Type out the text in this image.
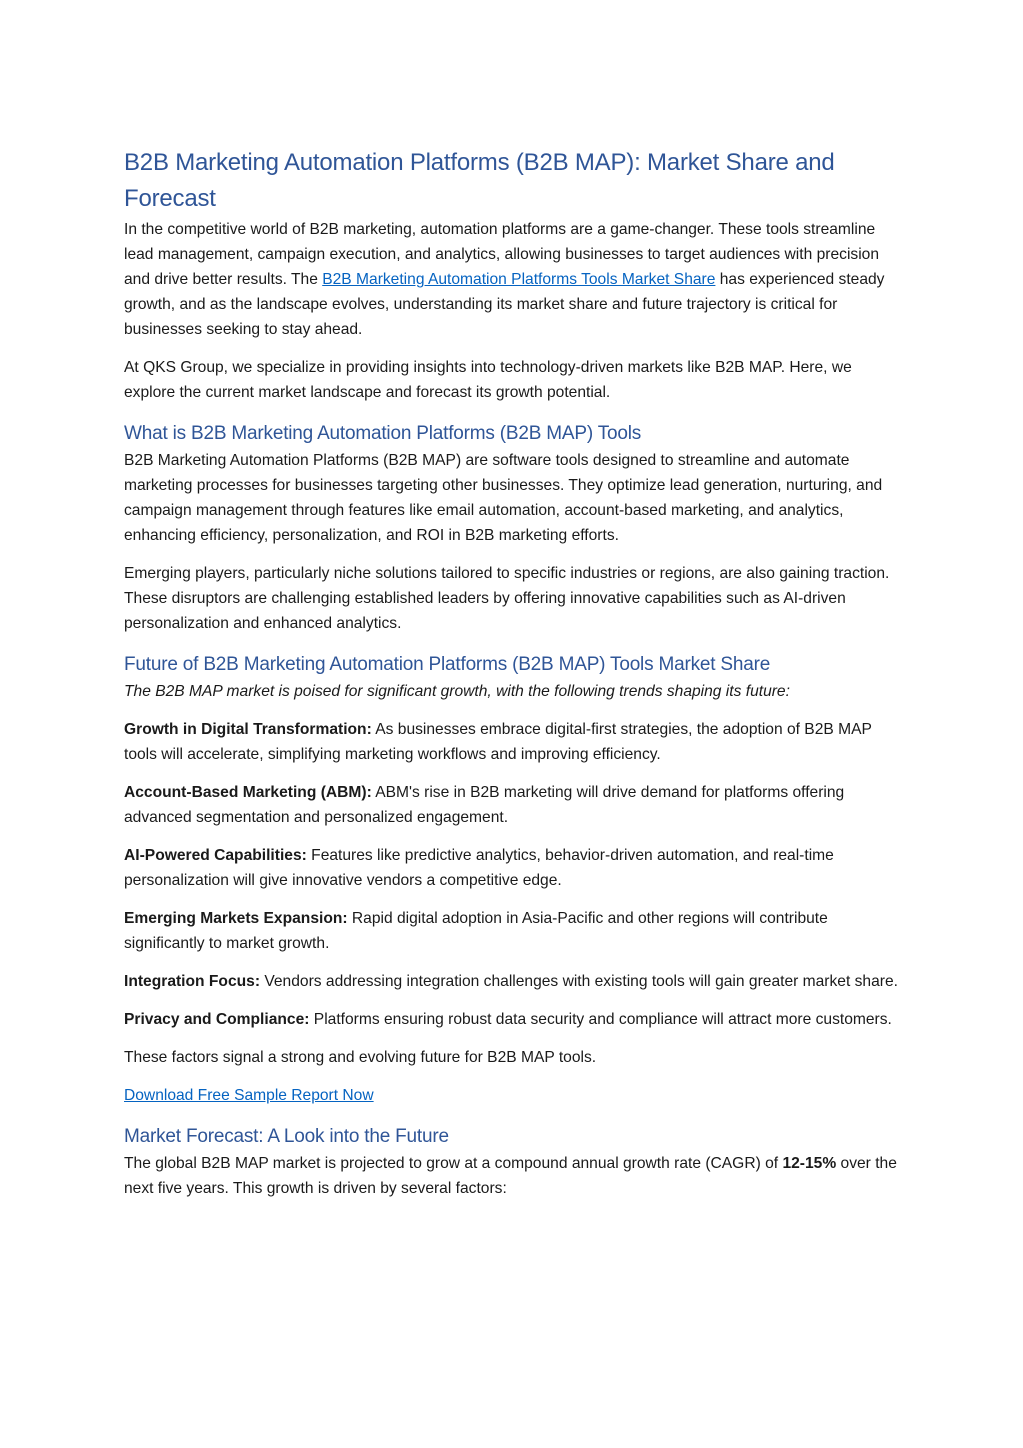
B2B Marketing Automation Platforms (B2B MAP): Market Share and Forecast

In the competitive world of B2B marketing, automation platforms are a game-changer. These tools streamline lead management, campaign execution, and analytics, allowing businesses to target audiences with precision and drive better results. The B2B Marketing Automation Platforms Tools Market Share has experienced steady growth, and as the landscape evolves, understanding its market share and future trajectory is critical for businesses seeking to stay ahead.

At QKS Group, we specialize in providing insights into technology-driven markets like B2B MAP. Here, we explore the current market landscape and forecast its growth potential.

What is B2B Marketing Automation Platforms (B2B MAP) Tools

B2B Marketing Automation Platforms (B2B MAP) are software tools designed to streamline and automate marketing processes for businesses targeting other businesses. They optimize lead generation, nurturing, and campaign management through features like email automation, account-based marketing, and analytics, enhancing efficiency, personalization, and ROI in B2B marketing efforts.

Emerging players, particularly niche solutions tailored to specific industries or regions, are also gaining traction. These disruptors are challenging established leaders by offering innovative capabilities such as AI-driven personalization and enhanced analytics.

Future of B2B Marketing Automation Platforms (B2B MAP) Tools Market Share

The B2B MAP market is poised for significant growth, with the following trends shaping its future:

Growth in Digital Transformation: As businesses embrace digital-first strategies, the adoption of B2B MAP tools will accelerate, simplifying marketing workflows and improving efficiency.

Account-Based Marketing (ABM): ABM's rise in B2B marketing will drive demand for platforms offering advanced segmentation and personalized engagement.

AI-Powered Capabilities: Features like predictive analytics, behavior-driven automation, and real-time personalization will give innovative vendors a competitive edge.

Emerging Markets Expansion: Rapid digital adoption in Asia-Pacific and other regions will contribute significantly to market growth.

Integration Focus: Vendors addressing integration challenges with existing tools will gain greater market share.

Privacy and Compliance: Platforms ensuring robust data security and compliance will attract more customers.

These factors signal a strong and evolving future for B2B MAP tools.

Download Free Sample Report Now

Market Forecast: A Look into the Future

The global B2B MAP market is projected to grow at a compound annual growth rate (CAGR) of 12-15% over the next five years. This growth is driven by several factors:
